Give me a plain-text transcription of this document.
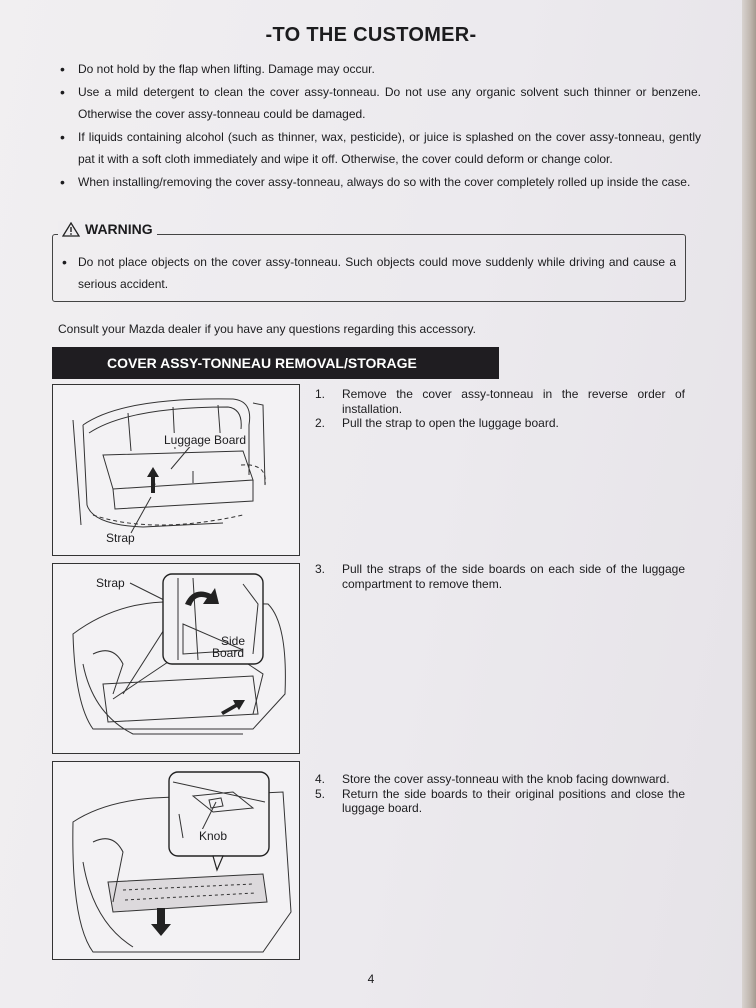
-TO THE CUSTOMER-
• Do not hold by the flap when lifting. Damage may occur.
• Use a mild detergent to clean the cover assy-tonneau. Do not use any organic solvent such thinner or benzene. Otherwise the cover assy-tonneau could be damaged.
• If liquids containing alcohol (such as thinner, wax, pesticide), or juice is splashed on the cover assy-tonneau, gently pat it with a soft cloth immediately and wipe it off. Otherwise, the cover could deform or change color.
• When installing/removing the cover assy-tonneau, always do so with the cover completely rolled up inside the case.
WARNING
• Do not place objects on the cover assy-tonneau. Such objects could move suddenly while driving and cause a serious accident.
Consult your Mazda dealer if you have any questions regarding this accessory.
COVER ASSY-TONNEAU REMOVAL/STORAGE
Luggage Board
Strap
Strap
Side
Board
Knob
1. Remove the cover assy-tonneau in the reverse order of installation.
2. Pull the strap to open the luggage board.
3. Pull the straps of the side boards on each side of the luggage compartment to remove them.
4. Store the cover assy-tonneau with the knob facing downward.
5. Return the side boards to their original positions and close the luggage board.
4
